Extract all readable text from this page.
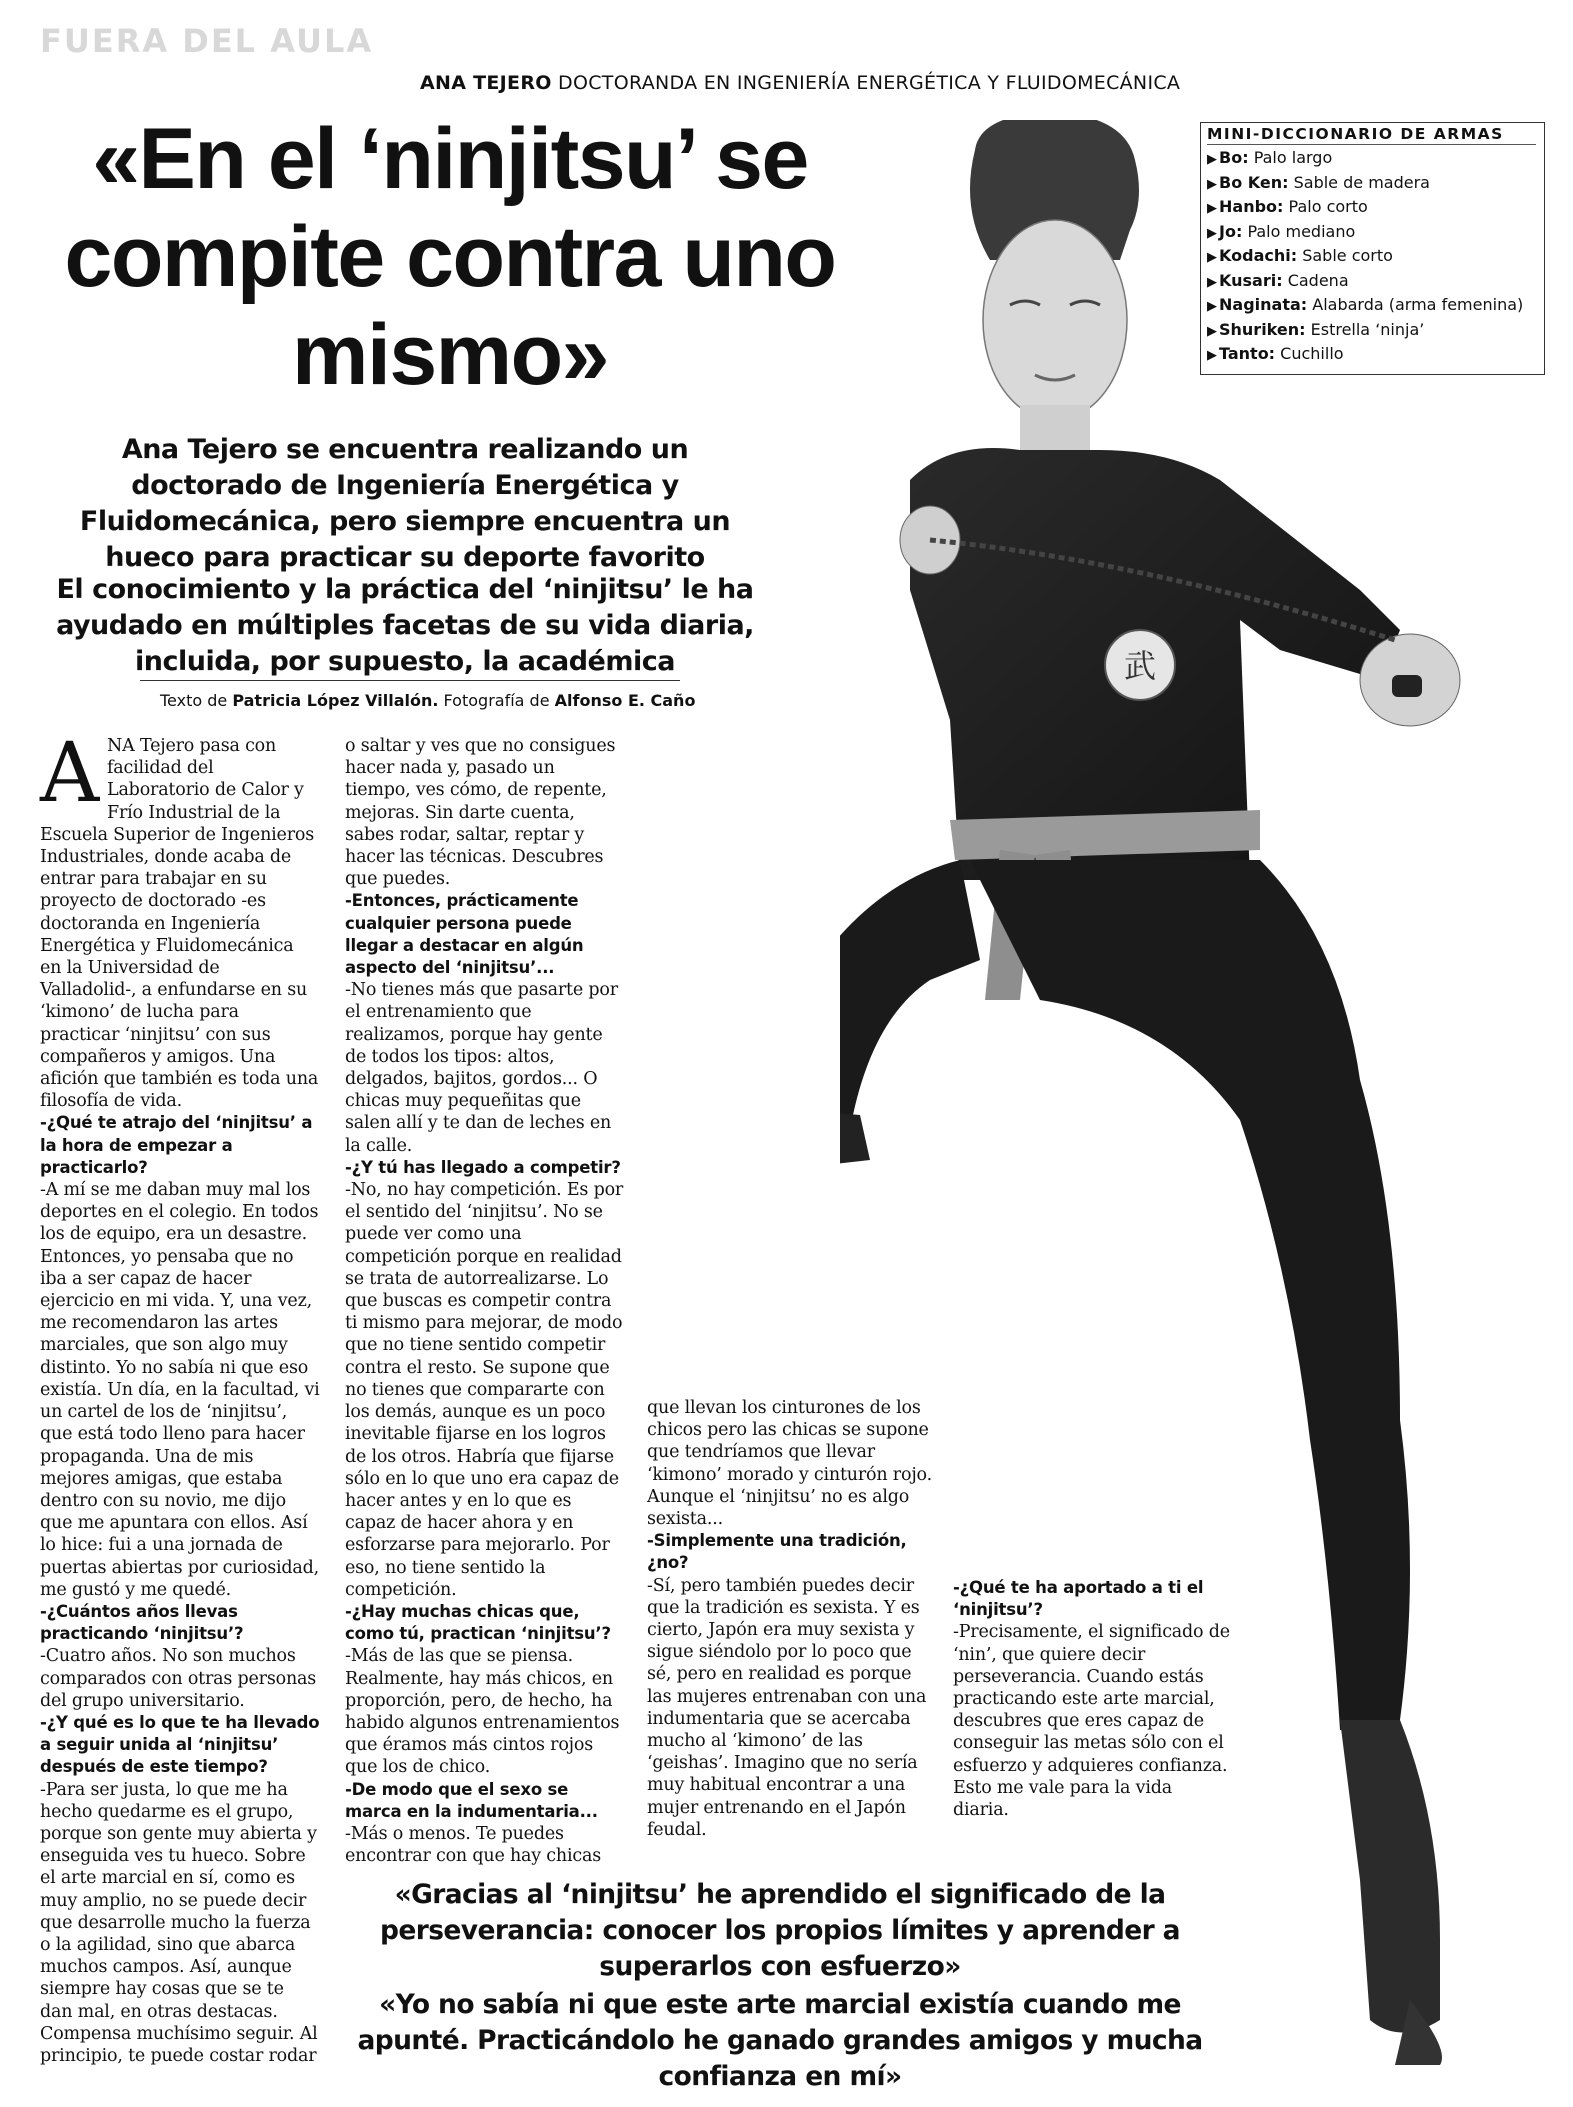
FUERA DEL AULA
ANA TEJERO DOCTORANDA EN INGENIERÍA ENERGÉTICA Y FLUIDOMECÁNICA
«En el ‘ninjitsu’ se
compite contra uno
mismo»
Ana Tejero se encuentra realizando un doctorado de Ingeniería Energética y Fluidomecánica, pero siempre encuentra un hueco para practicar su deporte favorito
El conocimiento y la práctica del ‘ninjitsu’ le ha ayudado en múltiples facetas de su vida diaria, incluida, por supuesto, la académica
Texto de Patricia López Villalón. Fotografía de Alfonso E. Caño
武
MINI-DICCIONARIO DE ARMAS
▶ Bo: Palo largo
▶ Bo Ken: Sable de madera
▶ Hanbo: Palo corto
▶ Jo: Palo mediano
▶ Kodachi: Sable corto
▶ Kusari: Cadena
▶ Naginata: Alabarda (arma femenina)
▶ Shuriken: Estrella ‘ninja’
▶ Tanto: Cuchillo

ANA Tejero pasa con facilidad del Laboratorio de Calor y Frío Industrial de la Escuela Superior de Ingenieros Industriales, donde acaba de entrar para trabajar en su proyecto de doctorado -es doctoranda en Ingeniería Energética y Fluidomecánica en la Universidad de Valladolid-, a enfundarse en su ‘kimono’ de lucha para practicar ‘ninjitsu’ con sus compañeros y amigos. Una afición que también es toda una filosofía de vida.

-¿Qué te atrajo del ‘ninjitsu’ a la hora de empezar a practicarlo?

-A mí se me daban muy mal los deportes en el colegio. En todos los de equipo, era un desastre. Entonces, yo pensaba que no iba a ser capaz de hacer ejercicio en mi vida. Y, una vez, me recomendaron las artes marciales, que son algo muy distinto. Yo no sabía ni que eso existía. Un día, en la facultad, vi un cartel de los de ‘ninjitsu’, que está todo lleno para hacer propaganda. Una de mis mejores amigas, que estaba dentro con su novio, me dijo que me apuntara con ellos. Así lo hice: fui a una jornada de puertas abiertas por curiosidad, me gustó y me quedé.

-¿Cuántos años llevas practicando ‘ninjitsu’?

-Cuatro años. No son muchos comparados con otras personas del grupo universitario.

-¿Y qué es lo que te ha llevado a seguir unida al ‘ninjitsu’ después de este tiempo?

-Para ser justa, lo que me ha hecho quedarme es el grupo, porque son gente muy abierta y enseguida ves tu hueco. Sobre el arte marcial en sí, como es muy amplio, no se puede decir que desarrolle mucho la fuerza o la agilidad, sino que abarca muchos campos. Así, aunque siempre hay cosas que se te dan mal, en otras destacas. Compensa muchísimo seguir. Al principio, te puede costar rodar

o saltar y ves que no consigues hacer nada y, pasado un tiempo, ves cómo, de repente, mejoras. Sin darte cuenta, sabes rodar, saltar, reptar y hacer las técnicas. Descubres que puedes.

-Entonces, prácticamente cualquier persona puede llegar a destacar en algún aspecto del ‘ninjitsu’...

-No tienes más que pasarte por el entrenamiento que realizamos, porque hay gente de todos los tipos: altos, delgados, bajitos, gordos... O chicas muy pequeñitas que salen allí y te dan de leches en la calle.

-¿Y tú has llegado a competir?

-No, no hay competición. Es por el sentido del ‘ninjitsu’. No se puede ver como una competición porque en realidad se trata de autorrealizarse. Lo que buscas es competir contra ti mismo para mejorar, de modo que no tiene sentido competir contra el resto. Se supone que no tienes que compararte con los demás, aunque es un poco inevitable fijarse en los logros de los otros. Habría que fijarse sólo en lo que uno era capaz de hacer antes y en lo que es capaz de hacer ahora y en esforzarse para mejorarlo. Por eso, no tiene sentido la competición.

-¿Hay muchas chicas que, como tú, practican ‘ninjitsu’?

-Más de las que se piensa. Realmente, hay más chicos, en proporción, pero, de hecho, ha habido algunos entrenamientos que éramos más cintos rojos que los de chico.

-De modo que el sexo se marca en la indumentaria...

-Más o menos. Te puedes encontrar con que hay chicas

que llevan los cinturones de los chicos pero las chicas se supone que tendríamos que llevar ‘kimono’ morado y cinturón rojo. Aunque el ‘ninjitsu’ no es algo sexista...

-Simplemente una tradición, ¿no?

-Sí, pero también puedes decir que la tradición es sexista. Y es cierto, Japón era muy sexista y sigue siéndolo por lo poco que sé, pero en realidad es porque las mujeres entrenaban con una indumentaria que se acercaba mucho al ‘kimono’ de las ‘geishas’. Imagino que no sería muy habitual encontrar a una mujer entrenando en el Japón feudal.

-¿Qué te ha aportado a ti el ‘ninjitsu’?

-Precisamente, el significado de ‘nin’, que quiere decir perseverancia. Cuando estás practicando este arte marcial, descubres que eres capaz de conseguir las metas sólo con el esfuerzo y adquieres confianza. Esto me vale para la vida diaria.

«Gracias al ‘ninjitsu’ he aprendido el significado de la perseverancia: conocer los propios límites y aprender a superarlos con esfuerzo»
«Yo no sabía ni que este arte marcial existía cuando me apunté. Practicándolo he ganado grandes amigos y mucha confianza en mí»
